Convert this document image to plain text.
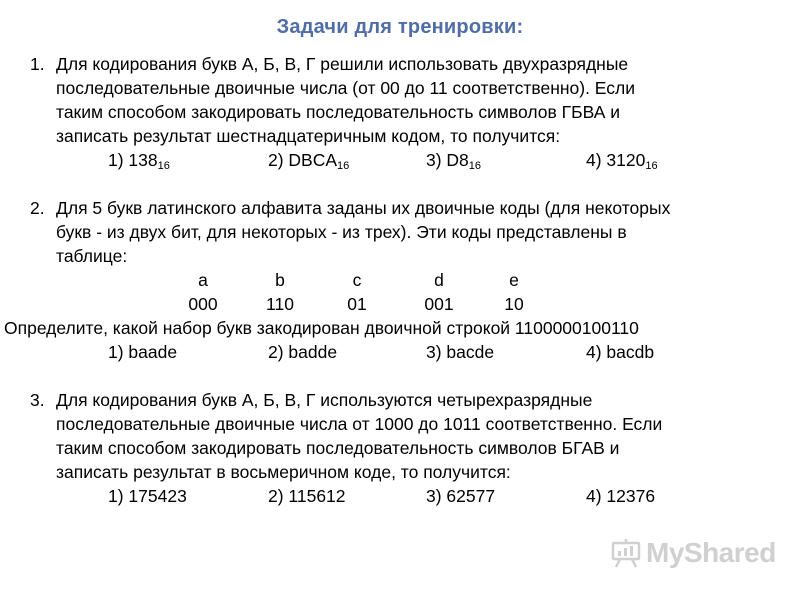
Задачи для тренировки:
1. Для кодирования букв А, Б, В, Г решили использовать двухразрядные
последовательные двоичные числа (от 00 до 11 соответственно). Если
таким способом закодировать последовательность символов ГБВА и
записать результат шестнадцатеричным кодом, то получится:
1) $138_{16}$	2) $DBCA_{16}$	3) $D8_{16}$	4) $3120_{16}$
2. Для 5 букв латинского алфавита заданы их двоичные коды (для некоторых
букв - из двух бит, для некоторых - из трех). Эти коды представлены в
таблице:
a	b	c	d	e
000	110	01	001	10
Определите, какой набор букв закодирован двоичной строкой 1100000100110
1) baade	2) badde	3) bacde	4) bacdb
3. Для кодирования букв А, Б, В, Г используются четырехразрядные
последовательные двоичные числа от 1000 до 1011 соответственно. Если
таким способом закодировать последовательность символов БГАВ и
записать результат в восьмеричном коде, то получится:
1) 175423	2) 115612	3) 62577	4) 12376
MyShared
